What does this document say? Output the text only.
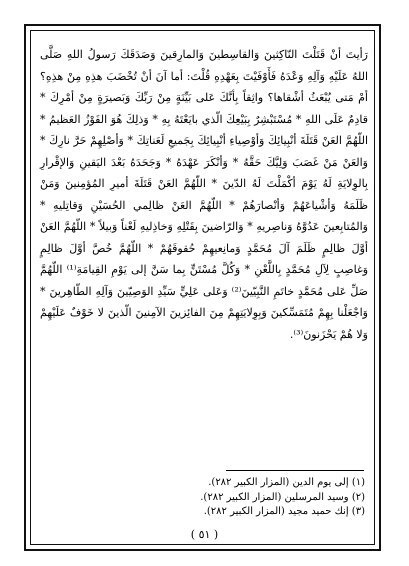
رَأيتَ أنْ قَتَلْتَ النّاكِثينَ وَالقاسِطينَ وَالمارِقينَ وَصَدَقَكَ رَسولُ اللهِ صَلَّى اللهُ عَلَيْهِ وَآلِهِ وَعْدَهُ فَأَوْفَيْتَ بِعَهْدِهِ قُلْتَ: أما آنَ أنْ تُخْضَبَ هذِهِ مِنْ هذِهِ؟ أمْ مَتى يُبْعَثُ أشْقاها؟ واثِقاً بِأنَّكَ عَلى بَيِّنَةٍ مِنْ رَبِّكَ وَبَصيرَةٍ مِنْ أمْرِكَ * قادِمٌ عَلَى اللهِ * مُسْتَبْشِرٌ بِبَيْعِكَ الّذي بايَعْتَهُ بِهِ * وَذلِكَ هُوَ الفَوْزُ العَظيمُ * اللّهُمَّ العَنْ قَتَلَةَ أنْبِيائِكَ وَأوْصِياءِ أنْبِيائِكَ بِجَميعِ لَعَناتِكَ * وَأصْلِهِمْ حَرَّ نارِكَ * وَالعَنْ مَنْ غَصَبَ وَلِيَّكَ حَقَّهُ * وَأنْكَرَ عَهْدَهُ * وَجَحَدَهُ بَعْدَ اليَقينِ وَالإقْرارِ بِالوِلايَةِ لَهُ يَوْمَ أكْمَلْتَ لَهُ الدّينَ * اللّهُمَّ العَنْ قَتَلَةَ أميرِ المُؤمِنينَ وَمَنْ ظَلَمَهُ وَأشْياعَهُمْ وَأنْصارَهُمْ * اللّهُمَّ العَنْ ظالِمي الحُسَيْنِ وَقاتِليهِ * وَالمُتابِعينَ عَدُوَّهُ وَناصِريهِ * وَالرّاضينَ بِقَتْلِهِ وَخاذِليهِ لَعْناً وَبيلاً * اللّهُمَّ العَنْ أوَّلَ ظالِمٍ ظَلَمَ آلَ مُحَمَّدٍ وَمانِعيهِمْ حُقوقَهُمْ * اللّهُمَّ خُصَّ أوَّلَ ظالِمٍ وَغاصِبٍ لِآلِ مُحَمَّدٍ بِاللَّعْنِ * وَكُلَّ مُسْتَنٍّ بِما سَنَّ إلى يَوْمِ القِيامَةِ⁽¹⁾ اللّهُمَّ صَلِّ عَلى مُحَمَّدٍ خاتَمِ النَّبِيّينَ⁽²⁾ وَعَلى عَلِيٍّ سَيِّدِ الوَصِيّينَ وَآلِهِ الطّاهِرينَ * وَاجْعَلْنا بِهِمْ مُتَمَسِّكينَ وَبِوِلايَتِهِمْ مِنَ الفائِزينَ الآمِنينَ الّذينَ لا خَوْفٌ عَلَيْهِمْ وَلا هُمْ يَحْزَنونَ⁽³⁾.

(١) إلى يوم الدين (المزار الكبير ٢٨٢).
(٢) وسيد المرسلين (المزار الكبير ٢٨٢).
(٣) إنك حميد مجيد (المزار الكبير ٢٨٢).
( ٥١ )
